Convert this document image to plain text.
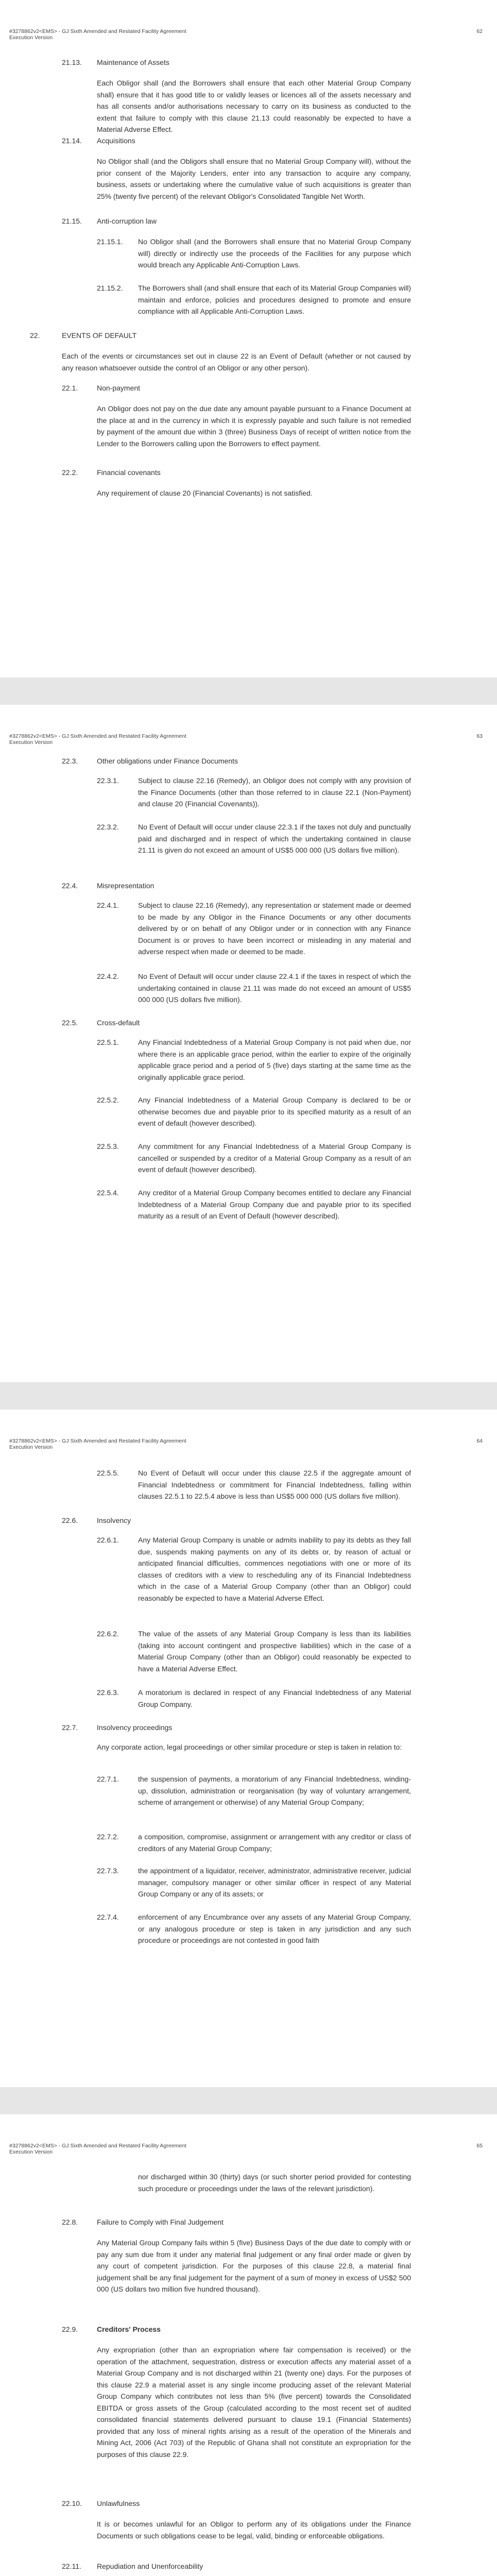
#3278862v2<EMS> - GJ Sixth Amended and Restated Facility Agreement
Execution Version
62
21.13. Maintenance of Assets
Each Obligor shall (and the Borrowers shall ensure that each other Material Group Company shall) ensure that it has good title to or validly leases or licences all of the assets necessary and has all consents and/or authorisations necessary to carry on its business as conducted to the extent that failure to comply with this clause 21.13 could reasonably be expected to have a Material Adverse Effect.
21.14. Acquisitions
No Obligor shall (and the Obligors shall ensure that no Material Group Company will), without the prior consent of the Majority Lenders, enter into any transaction to acquire any company, business, assets or undertaking where the cumulative value of such acquisitions is greater than 25% (twenty five percent) of the relevant Obligor's Consolidated Tangible Net Worth.
21.15. Anti-corruption law
21.15.1. No Obligor shall (and the Borrowers shall ensure that no Material Group Company will) directly or indirectly use the proceeds of the Facilities for any purpose which would breach any Applicable Anti-Corruption Laws.
21.15.2. The Borrowers shall (and shall ensure that each of its Material Group Companies will) maintain and enforce, policies and procedures designed to promote and ensure compliance with all Applicable Anti-Corruption Laws.
22.	EVENTS OF DEFAULT
Each of the events or circumstances set out in clause 22 is an Event of Default (whether or not caused by any reason whatsoever outside the control of an Obligor or any other person).
22.1.	Non-payment
An Obligor does not pay on the due date any amount payable pursuant to a Finance Document at the place at and in the currency in which it is expressly payable and such failure is not remedied by payment of the amount due within 3 (three) Business Days of receipt of written notice from the Lender to the Borrowers calling upon the Borrowers to effect payment.
22.2.	Financial covenants
Any requirement of clause 20 (Financial Covenants) is not satisfied.
#3278862v2<EMS> - GJ Sixth Amended and Restated Facility Agreement
Execution Version
63
22.3.	Other obligations under Finance Documents
22.3.1.	Subject to clause 22.16 (Remedy), an Obligor does not comply with any provision of the Finance Documents (other than those referred to in clause 22.1 (Non-Payment) and clause 20 (Financial Covenants)).
22.3.2.	No Event of Default will occur under clause 22.3.1 if the taxes not duly and punctually paid and discharged and in respect of which the undertaking contained in clause 21.11 is given do not exceed an amount of US$5 000 000 (US dollars five million).
22.4.	Misrepresentation
22.4.1.	Subject to clause 22.16 (Remedy), any representation or statement made or deemed to be made by any Obligor in the Finance Documents or any other documents delivered by or on behalf of any Obligor under or in connection with any Finance Document is or proves to have been incorrect or misleading in any material and adverse respect when made or deemed to be made.
22.4.2.	No Event of Default will occur under clause 22.4.1 if the taxes in respect of which the undertaking contained in clause 21.11 was made do not exceed an amount of US$5 000 000 (US dollars five million).
22.5.	Cross-default
22.5.1.	Any Financial Indebtedness of a Material Group Company is not paid when due, nor where there is an applicable grace period, within the earlier to expire of the originally applicable grace period and a period of 5 (five) days starting at the same time as the originally applicable grace period.
22.5.2.	Any Financial Indebtedness of a Material Group Company is declared to be or otherwise becomes due and payable prior to its specified maturity as a result of an event of default (however described).
22.5.3.	Any commitment for any Financial Indebtedness of a Material Group Company is cancelled or suspended by a creditor of a Material Group Company as a result of an event of default (however described).
22.5.4.	Any creditor of a Material Group Company becomes entitled to declare any Financial Indebtedness of a Material Group Company due and payable prior to its specified maturity as a result of an Event of Default (however described).
#3278862v2<EMS> - GJ Sixth Amended and Restated Facility Agreement
Execution Version
64
22.5.5.	No Event of Default will occur under this clause 22.5 if the aggregate amount of Financial Indebtedness or commitment for Financial Indebtedness, falling within clauses 22.5.1 to 22.5.4 above is less than US$5 000 000 (US dollars five million).
22.6.	Insolvency
22.6.1.	Any Material Group Company is unable or admits inability to pay its debts as they fall due, suspends making payments on any of its debts or, by reason of actual or anticipated financial difficulties, commences negotiations with one or more of its classes of creditors with a view to rescheduling any of its Financial Indebtedness which in the case of a Material Group Company (other than an Obligor) could reasonably be expected to have a Material Adverse Effect.
22.6.2.	The value of the assets of any Material Group Company is less than its liabilities (taking into account contingent and prospective liabilities) which in the case of a Material Group Company (other than an Obligor) could reasonably be expected to have a Material Adverse Effect.
22.6.3.	A moratorium is declared in respect of any Financial Indebtedness of any Material Group Company.
22.7.	Insolvency proceedings
Any corporate action, legal proceedings or other similar procedure or step is taken in relation to:
22.7.1.	the suspension of payments, a moratorium of any Financial Indebtedness, winding-up, dissolution, administration or reorganisation (by way of voluntary arrangement, scheme of arrangement or otherwise) of any Material Group Company;
22.7.2.	a composition, compromise, assignment or arrangement with any creditor or class of creditors of any Material Group Company;
22.7.3.	the appointment of a liquidator, receiver, administrator, administrative receiver, judicial manager, compulsory manager or other similar officer in respect of any Material Group Company or any of its assets; or
22.7.4.	enforcement of any Encumbrance over any assets of any Material Group Company, or any analogous procedure or step is taken in any jurisdiction and any such procedure or proceedings are not contested in good faith
#3278862v2<EMS> - GJ Sixth Amended and Restated Facility Agreement
Execution Version
65
nor discharged within 30 (thirty) days (or such shorter period provided for contesting such procedure or proceedings under the laws of the relevant jurisdiction).
22.8.	Failure to Comply with Final Judgement
Any Material Group Company fails within 5 (five) Business Days of the due date to comply with or pay any sum due from it under any material final judgement or any final order made or given by any court of competent jurisdiction. For the purposes of this clause 22.8, a material final judgement shall be any final judgement for the payment of a sum of money in excess of US$2 500 000 (US dollars two million five hundred thousand).
22.9.	Creditors' Process
Any expropriation (other than an expropriation where fair compensation is received) or the operation of the attachment, sequestration, distress or execution affects any material asset of a Material Group Company and is not discharged within 21 (twenty one) days. For the purposes of this clause 22.9 a material asset is any single income producing asset of the relevant Material Group Company which contributes not less than 5% (five percent) towards the Consolidated EBITDA or gross assets of the Group (calculated according to the most recent set of audited consolidated financial statements delivered pursuant to clause 19.1 (Financial Statements) provided that any loss of mineral rights arising as a result of the operation of the Minerals and Mining Act, 2006 (Act 703) of the Republic of Ghana shall not constitute an expropriation for the purposes of this clause 22.9.
22.10. Unlawfulness
It is or becomes unlawful for an Obligor to perform any of its obligations under the Finance Documents or such obligations cease to be legal, valid, binding or enforceable obligations.
22.11. Repudiation and Unenforceability
